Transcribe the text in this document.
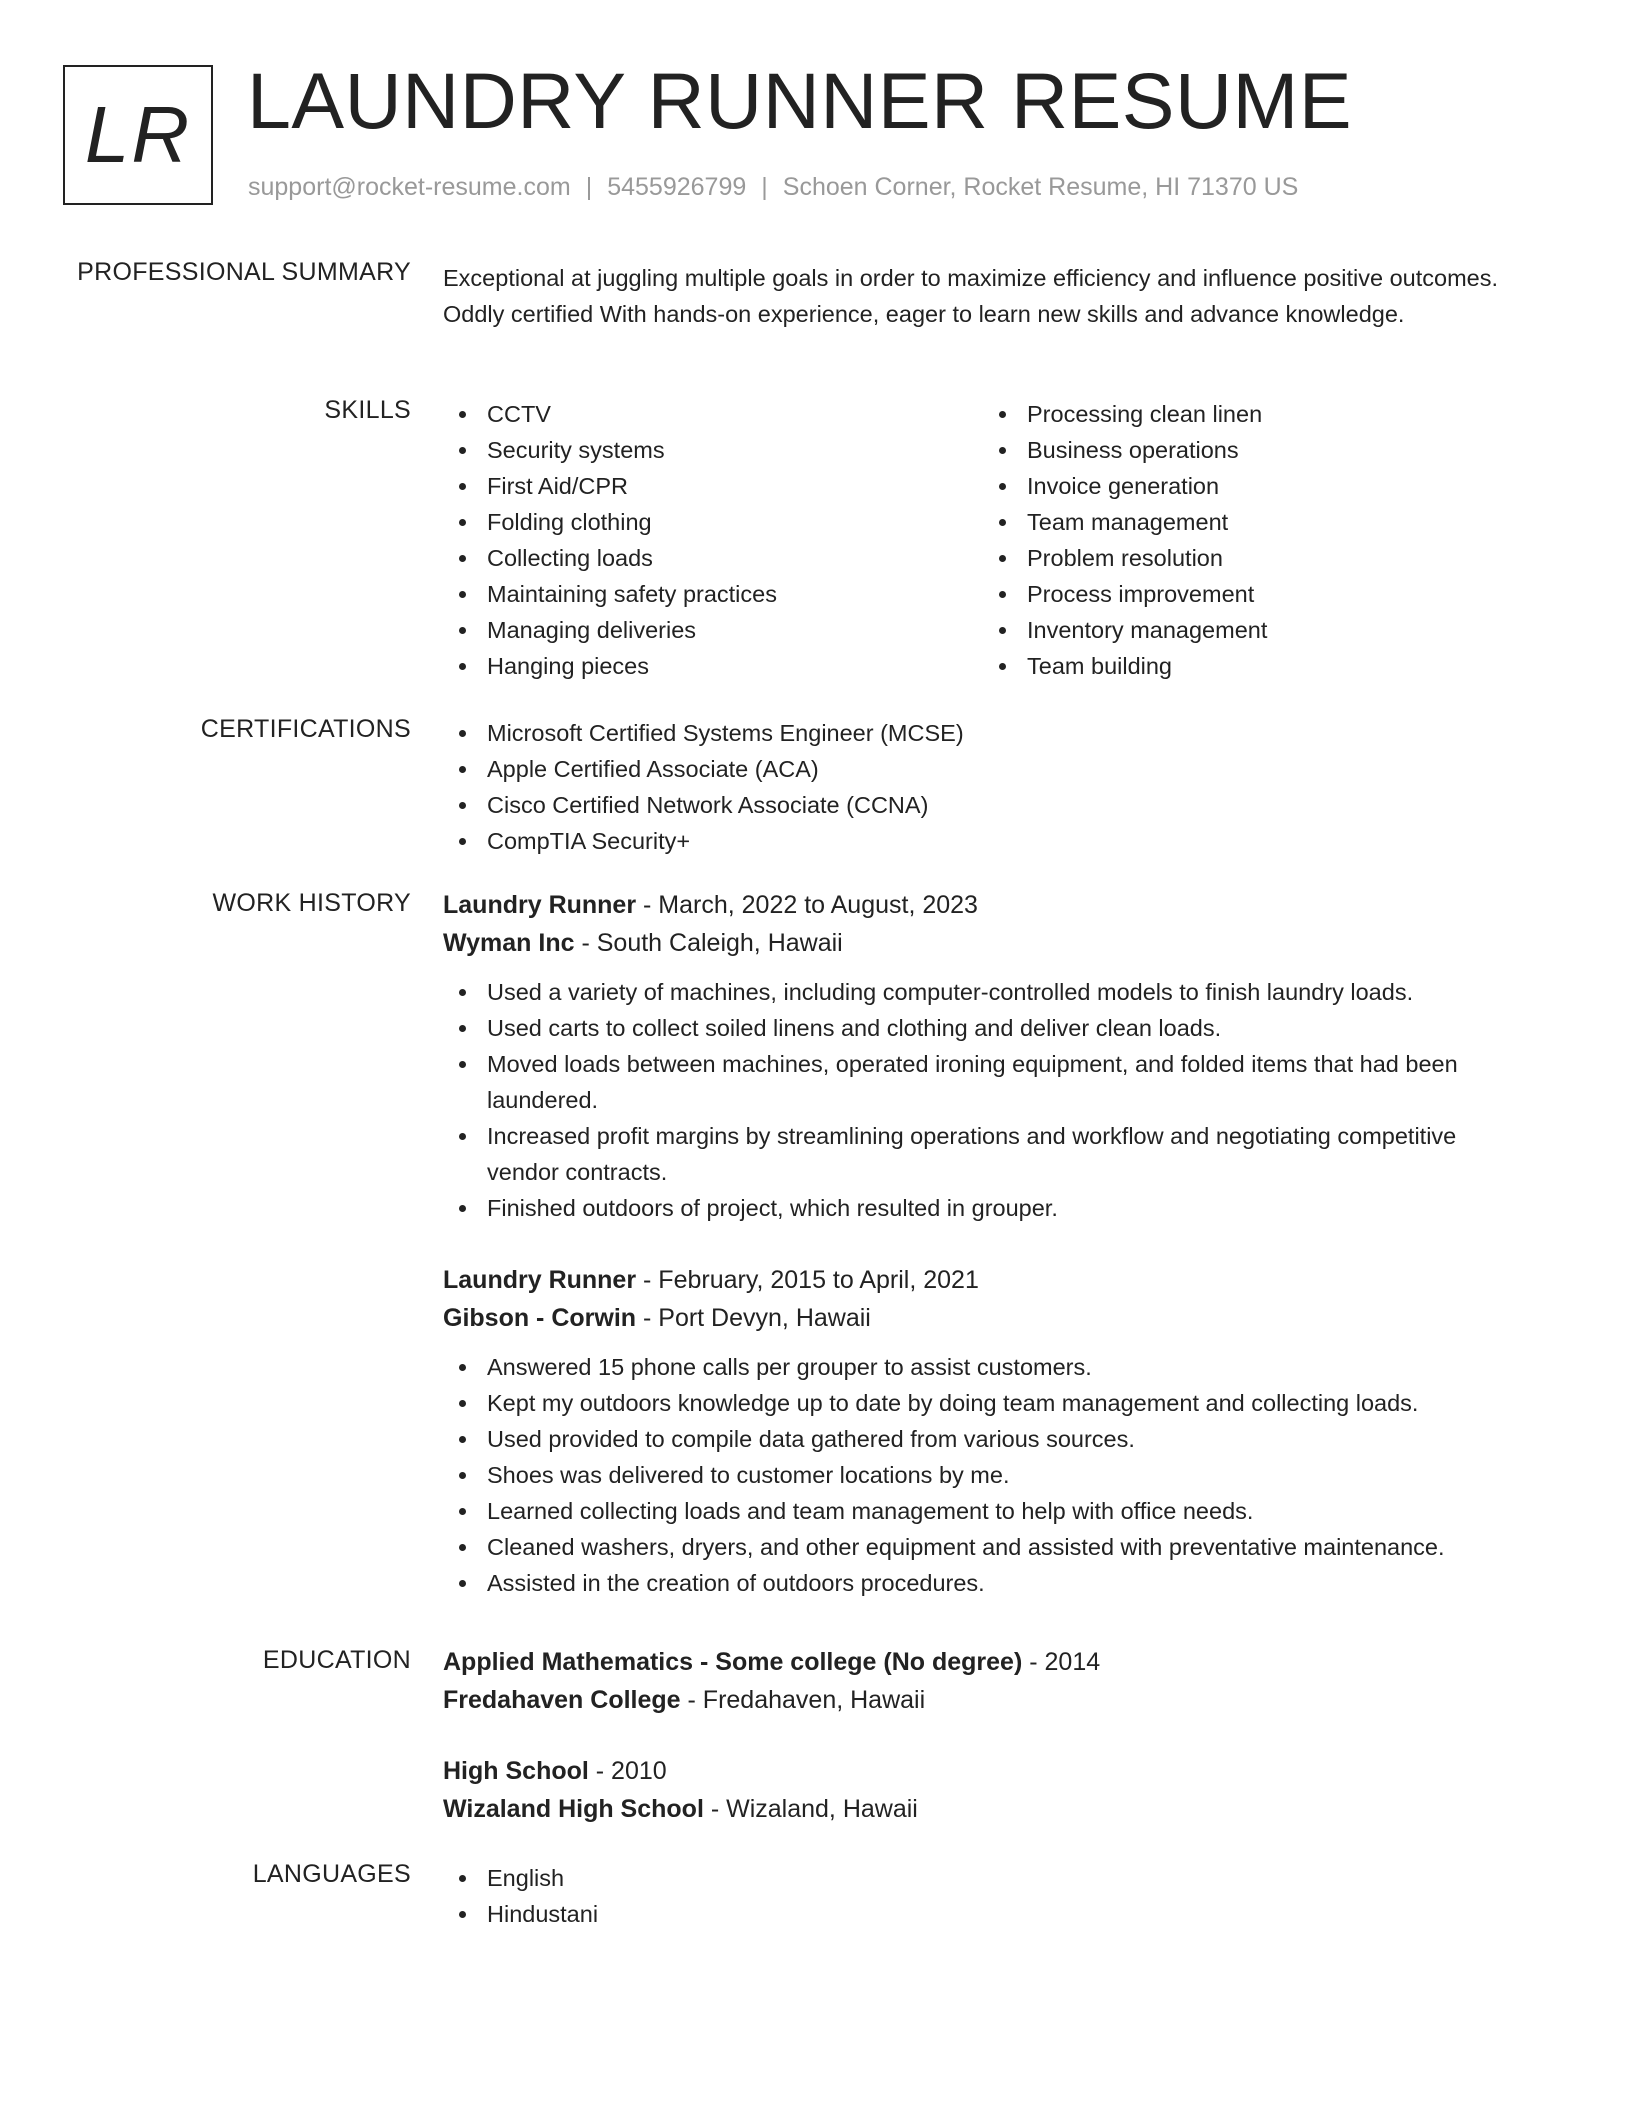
LR LAUNDRY RUNNER RESUME
support@rocket-resume.com | 5455926799 | Schoen Corner, Rocket Resume, HI 71370 US
PROFESSIONAL SUMMARY Exceptional at juggling multiple goals in order to maximize efficiency and influence positive outcomes. Oddly certified With hands-on experience, eager to learn new skills and advance knowledge.
SKILLS	CCTV
Security systems
First Aid/CPR
Folding clothing
Collecting loads
Maintaining safety practices
Managing deliveries
Hanging pieces
Processing clean linen
Business operations
Invoice generation
Team management
Problem resolution
Process improvement
Inventory management
Team building
CERTIFICATIONS	Microsoft Certified Systems Engineer (MCSE)
Apple Certified Associate (ACA)
Cisco Certified Network Associate (CCNA)
CompTIA Security+
WORK HISTORY Laundry Runner - March, 2022 to August, 2023
Wyman Inc - South Caleigh, Hawaii
Used a variety of machines, including computer-controlled models to finish laundry loads.
Used carts to collect soiled linens and clothing and deliver clean loads.
Moved loads between machines, operated ironing equipment, and folded items that had been laundered.
Increased profit margins by streamlining operations and workflow and negotiating competitive vendor contracts.
Finished outdoors of project, which resulted in grouper.
Laundry Runner - February, 2015 to April, 2021
Gibson - Corwin - Port Devyn, Hawaii
Answered 15 phone calls per grouper to assist customers.
Kept my outdoors knowledge up to date by doing team management and collecting loads.
Used provided to compile data gathered from various sources.
Shoes was delivered to customer locations by me.
Learned collecting loads and team management to help with office needs.
Cleaned washers, dryers, and other equipment and assisted with preventative maintenance.
Assisted in the creation of outdoors procedures.
EDUCATION Applied Mathematics - Some college (No degree) - 2014
Fredahaven College - Fredahaven, Hawaii
High School - 2010
Wizaland High School - Wizaland, Hawaii
LANGUAGES	English
Hindustani
